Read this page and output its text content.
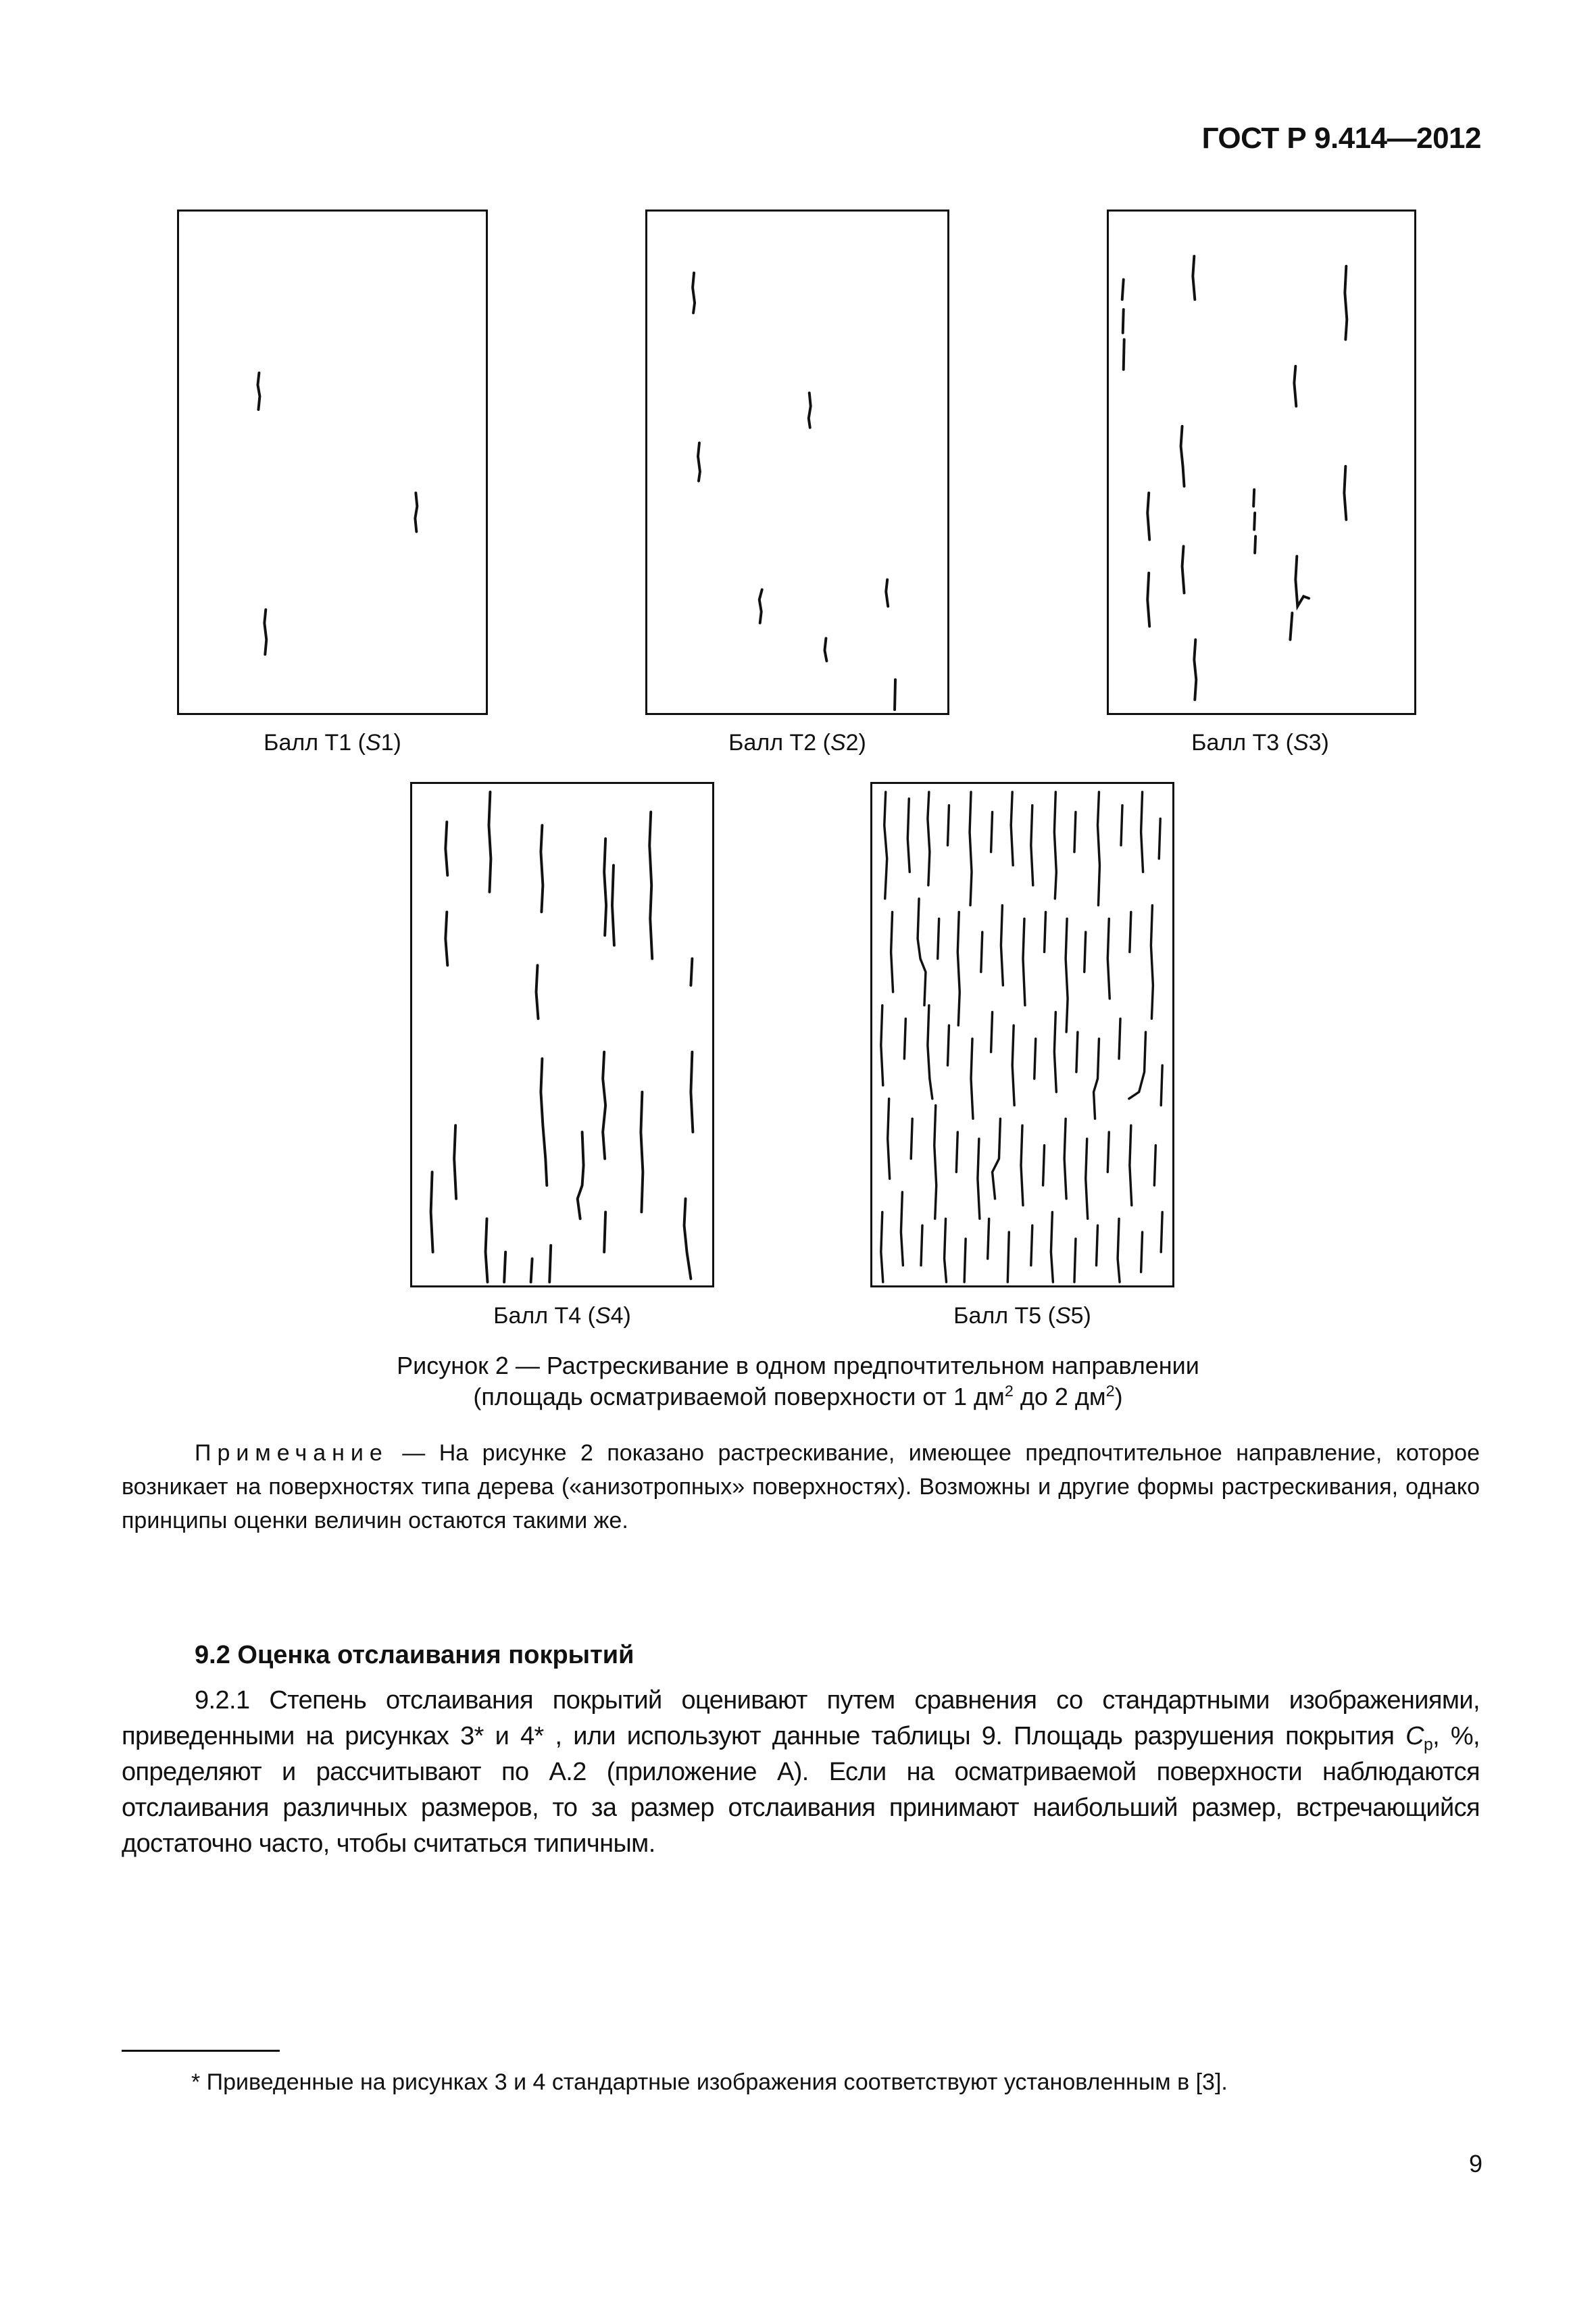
ГОСТ Р 9.414—2012
Балл Т1 (S1)	Балл Т2 (S2)	Балл Т3 (S3)
Балл Т4 (S4)	Балл Т5 (S5)
Рисунок 2 — Растрескивание в одном предпочтительном направлении
(площадь осматриваемой поверхности от 1 $дм^2$ до 2 $дм^2$)
Примечание — На рисунке 2 показано растрескивание, имеющее предпочтительное направление, которое возникает на поверхностях типа дерева («анизотропных» поверхностях). Возможны и другие формы растрескивания, однако принципы оценки величин остаются такими же.
9.2 Оценка отслаивания покрытий
9.2.1 Степень отслаивания покрытий оценивают путем сравнения со стандартными изображениями, приведенными на рисунках 3* и 4* , или используют данные таблицы 9. Площадь разрушения покрытия $C_p$, %, определяют и рассчитывают по А.2 (приложение А). Если на осматриваемой поверхности наблюдаются отслаивания различных размеров, то за размер отслаивания принимают наибольший размер, встречающийся достаточно часто, чтобы считаться типичным.
* Приведенные на рисунках 3 и 4 стандартные изображения соответствуют установленным в [3].
9
